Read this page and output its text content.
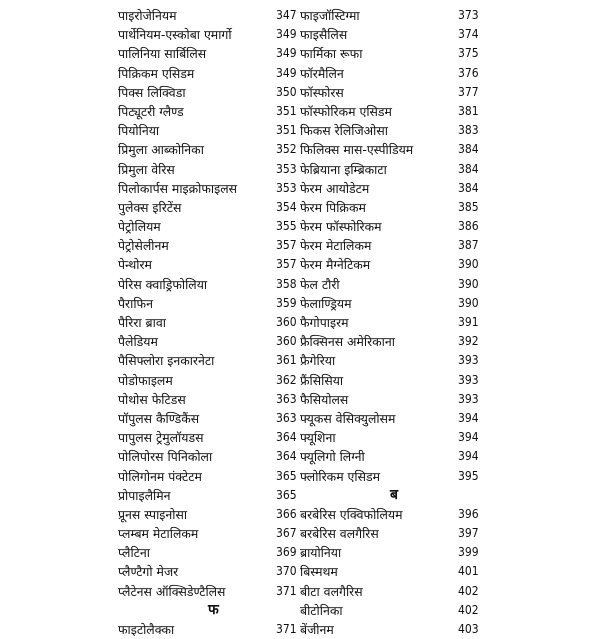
पाइरोजेनियम	347
पार्थेनियम-एस्कोबा एमार्गो	349
पालिनिया सार्बिलिस	349
पिक्रिकम एसिडम	349
पिक्स लिक्विडा	350
पिट्यूटरी ग्लैण्ड	351
पियोनिया	351
प्रिमुला आब्कोनिका	352
प्रिमुला वेरिस	353
पिलोकार्पस माइक्रोफाइलस	353
पुलेक्स इरिटेंस	354
पेट्रोलियम	355
पेट्रोसेलीनम	357
पेन्थोरम	357
पेरिस क्वाड्रिफोलिया	358
पैराफिन	359
पैरिरा ब्रावा	360
पैलेडियम	360
पैसिफ्लोरा इनकारनेटा	361
पोडोफाइलम	362
पोथोस फेटिडस	363
पॉपुलस कैण्डिकैंस	363
पापुलस ट्रेमुलॉयडस	364
पोलिपोरस पिनिकोला	364
पोलिगोनम पंक्टेटम	365
प्रोपाइलैमिन	365
प्रूनस स्पाइनोसा	366
प्लम्बम मेटालिकम	367
प्लैटिना	369
प्लैण्टैगो मेजर	370
प्लैटेनस ऑक्सिडेण्टैलिस	371
फ
फाइटोलैक्का	371
फाइजॉस्टिग्मा	373
फाइसैलिस	374
फार्मिका रूफा	375
फॉरमैलिन	376
फॉस्फोरस	377
फॉस्फोरिकम एसिडम	381
फिकस रेलिजिओसा	383
फिलिक्स मास-एस्पीडियम	384
फेब्रियाना इम्ब्रिकाटा	384
फेरम आयोडेटम	384
फेरम पिक्रिकम	385
फेरम फॉस्फोरिकम	386
फेरम मेटालिकम	387
फेरम मैग्नेटिकम	390
फेल टौरी	390
फेलाण्ड्रियम	390
फैगोपाइरम	391
फ्रैक्सिनस अमेरिकाना	392
फ्रैगेरिया	393
फ्रैंसिसिया	393
फैसियोलस	393
फ्यूकस वेसिक्युलोसम	394
फ्यूशिना	394
फ्यूलिगो लिग्नी	394
फ्लोरिकम एसिडम	395
ब
बरबेरिस एक्विफोलियम	396
बरबेरिस वलगैरिस	397
ब्रायोनिया	399
बिस्मथम	401
बीटा वलगैरिस	402
बीटोनिका	402
बेंजीनम	403
